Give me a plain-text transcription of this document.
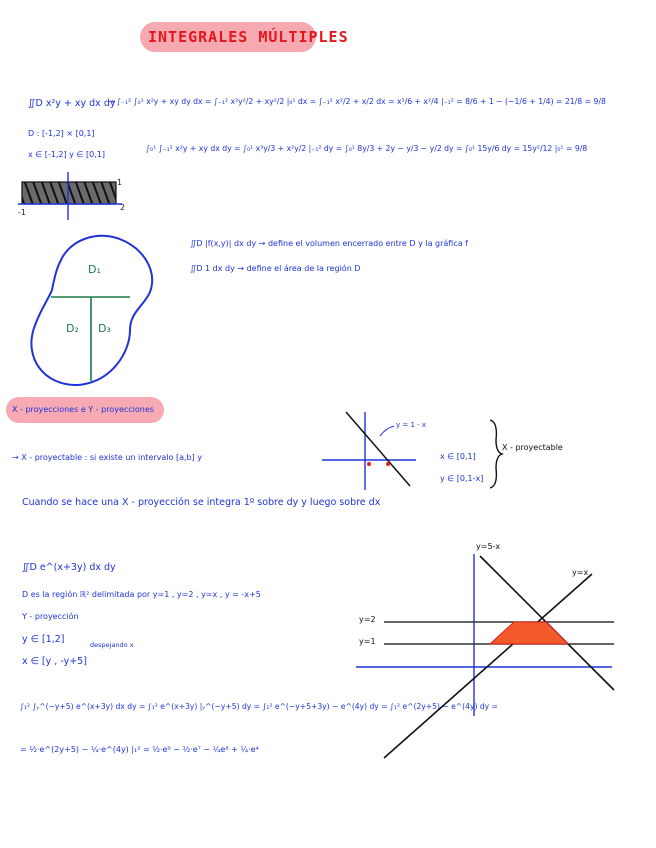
INTEGRALES MÚLTIPLES
∬D x²y + xy dx dy
→ ∫₋₁² ∫₀¹ x²y + xy dy dx = ∫₋₁² x²y²/2 + xy²/2 |₀¹ dx = ∫₋₁² x²/2 + x/2 dx = x³/6 + x²/4 |₋₁² = 8/6 + 1 − (−1/6 + 1/4) = 21/8 = 9/8
D : [-1,2] × [0,1]
x ∈ [-1,2] y ∈ [0,1]
∫₀¹ ∫₋₁² x²y + xy dx dy = ∫₀¹ x³y/3 + x²y/2 |₋₁² dy = ∫₀¹ 8y/3 + 2y − y/3 − y/2 dy = ∫₀¹ 15y/6 dy = 15y²/12 |₀¹ = 9/8
1
-1
2
D₁
D₂ D₃
∬D |f(x,y)| dx dy → define el volumen encerrado entre D y la gráfica f
∬D 1 dx dy → define el área de la región D
X - proyecciones e Y - proyecciones
→ X - proyectable : si existe un intervalo [a,b] y
y = 1 - x
x ∈ [0,1]
y ∈ [0,1-x]
X - proyectable
Cuando se hace una X - proyección se integra 1º sobre dy y luego sobre dx
∬D e^(x+3y) dx dy
D es la región ℝ² delimitada por y=1 , y=2 , y=x , y = -x+5
Y - proyección
y ∈ [1,2]	despejando x
x ∈ [y , -y+5]
∫₁² ∫ᵧ^(−y+5) e^(x+3y) dx dy = ∫₁² e^(x+3y) |ᵧ^(−y+5) dy = ∫₁² e^(−y+5+3y) − e^(4y) dy = ∫₁² e^(2y+5) − e^(4y) dy =
= ½·e^(2y+5) − ¼·e^(4y) |₁² = ½·e⁹ − ½·e⁷ − ¼e⁸ + ¼·e⁴
y=5-x
y=x
y=2
y=1
